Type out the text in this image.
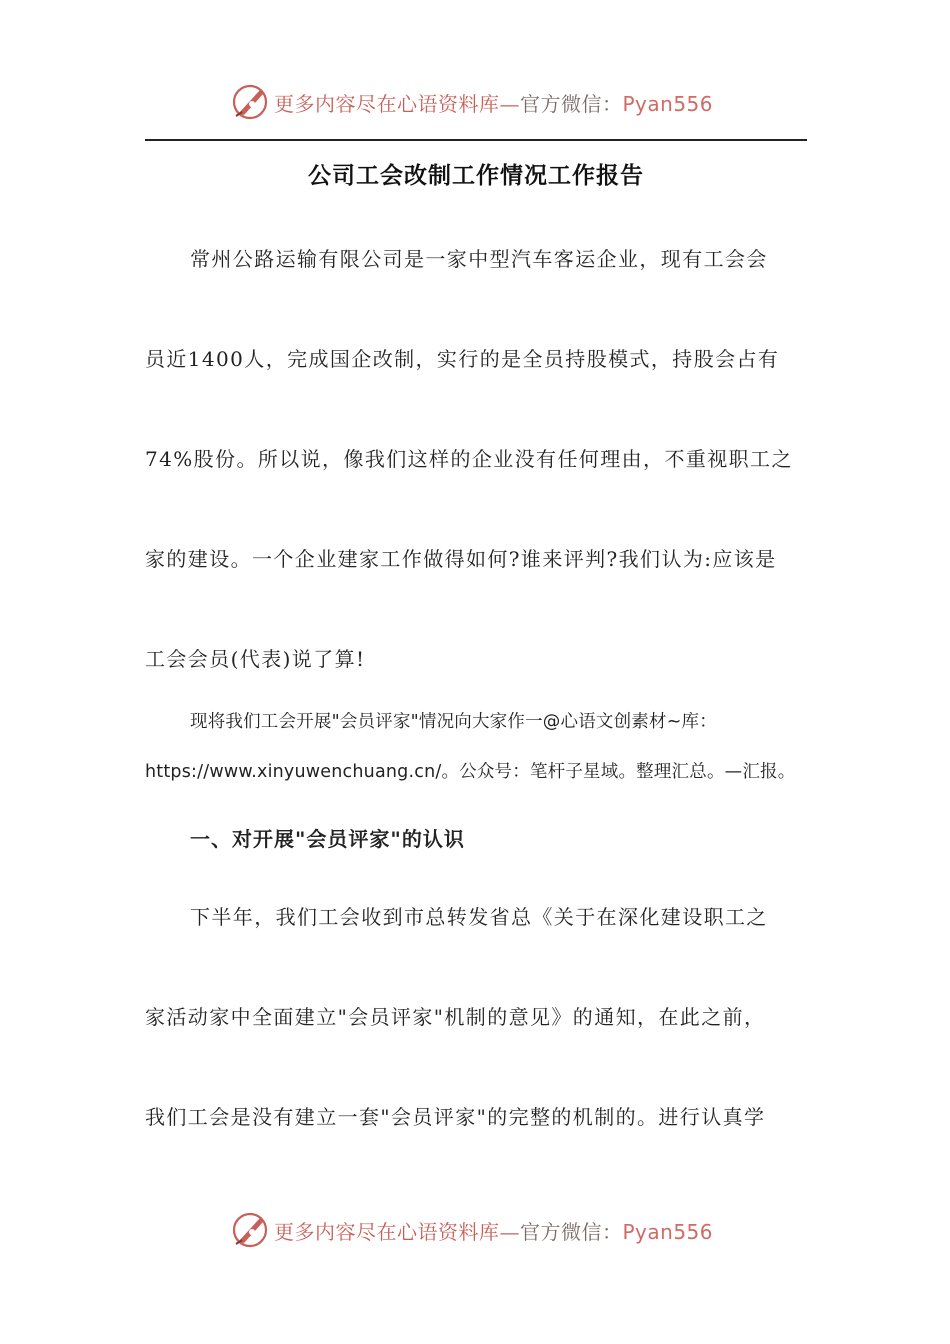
更多内容尽在心语资料库—官方微信：Pyan556
公司工会改制工作情况工作报告
常州公路运输有限公司是一家中型汽车客运企业，现有工会会
员近1400人，完成国企改制，实行的是全员持股模式，持股会占有
74%股份。所以说，像我们这样的企业没有任何理由，不重视职工之
家的建设。一个企业建家工作做得如何?谁来评判?我们认为:应该是
工会会员(代表)说了算!
现将我们工会开展"会员评家"情况向大家作一@心语文创素材~库：
https://www.xinyuwenchuang.cn/。公众号：笔杆子星域。整理汇总。—汇报。
一、对开展"会员评家"的认识
下半年，我们工会收到市总转发省总《关于在深化建设职工之
家活动家中全面建立"会员评家"机制的意见》的通知，在此之前，
我们工会是没有建立一套"会员评家"的完整的机制的。进行认真学
更多内容尽在心语资料库—官方微信：Pyan556
